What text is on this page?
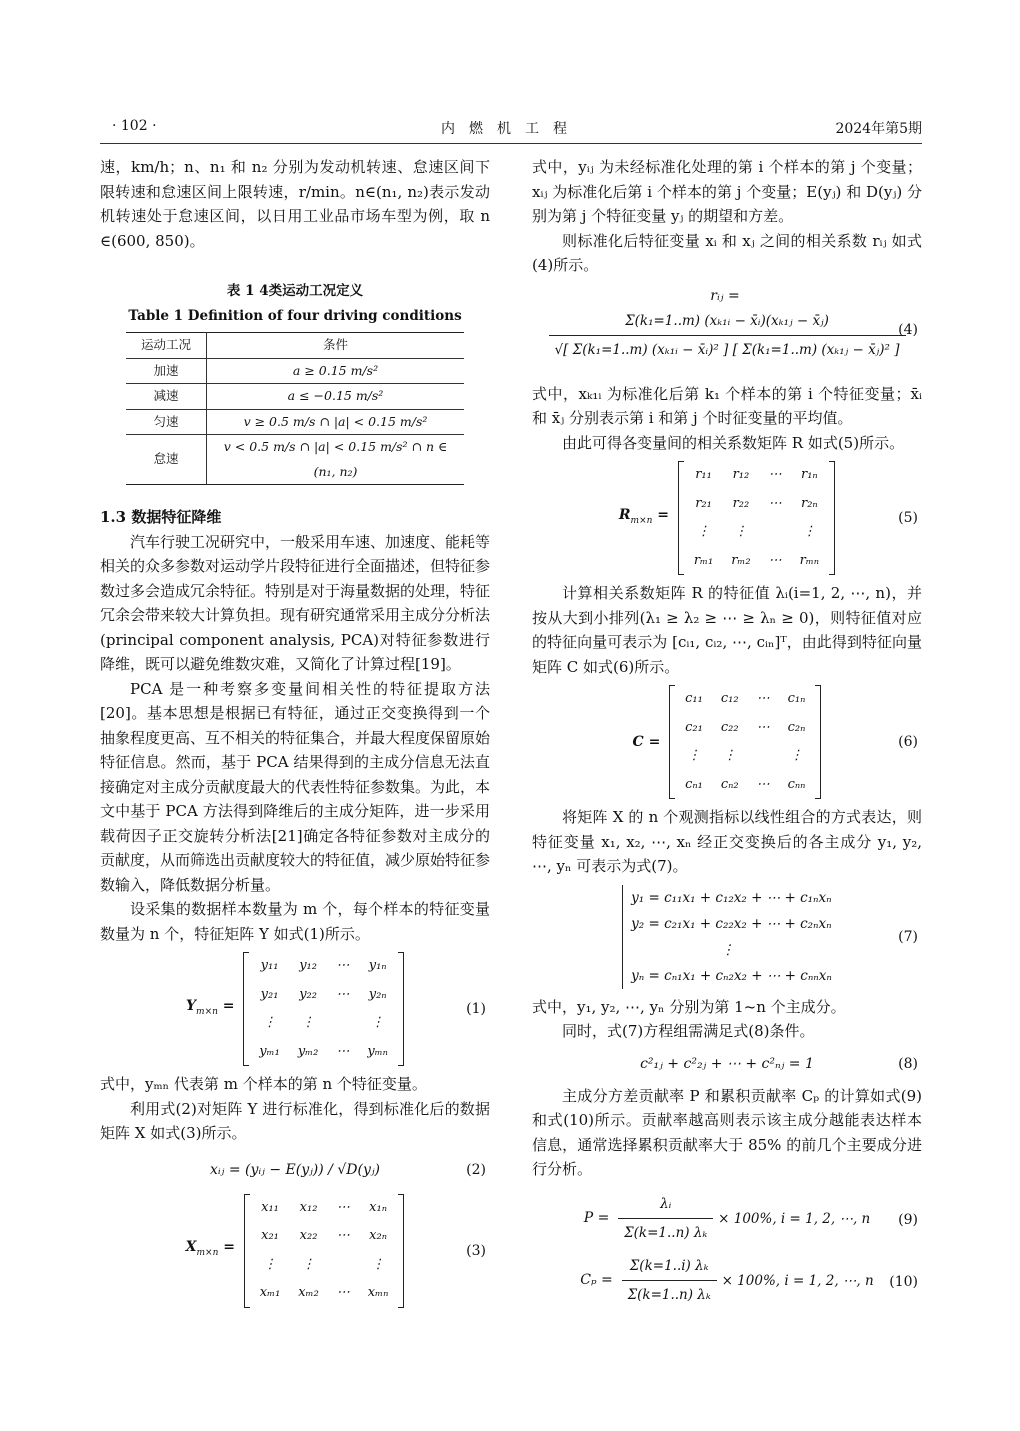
· 102 ·	内燃机工程	2024年第5期

速，km/h；n、n₁ 和 n₂ 分别为发动机转速、怠速区间下限转速和怠速区间上限转速，r/min。n∈(n₁, n₂)表示发动机转速处于怠速区间，以日用工业品市场车型为例，取 n ∈(600, 850)。

表 1 4类运动工况定义

Table 1 Definition of four driving conditions

运动工况	条件
加速	a ≥ 0.15 m/s²
减速	a ≤ −0.15 m/s²
匀速	v ≥ 0.5 m/s ∩ |a| < 0.15 m/s²
怠速	v < 0.5 m/s ∩ |a| < 0.15 m/s² ∩ n ∈ (n₁, n₂)

1.3 数据特征降维

汽车行驶工况研究中，一般采用车速、加速度、能耗等相关的众多参数对运动学片段特征进行全面描述，但特征参数过多会造成冗余特征。特别是对于海量数据的处理，特征冗余会带来较大计算负担。现有研究通常采用主成分分析法(principal component analysis, PCA)对特征参数进行降维，既可以避免维数灾难，又简化了计算过程[19]。

PCA 是一种考察多变量间相关性的特征提取方法[20]。基本思想是根据已有特征，通过正交变换得到一个抽象程度更高、互不相关的特征集合，并最大程度保留原始特征信息。然而，基于 PCA 结果得到的主成分信息无法直接确定对主成分贡献度最大的代表性特征参数集。为此，本文中基于 PCA 方法得到降维后的主成分矩阵，进一步采用载荷因子正交旋转分析法[21]确定各特征参数对主成分的贡献度，从而筛选出贡献度较大的特征值，减少原始特征参数输入，降低数据分析量。

设采集的数据样本数量为 m 个，每个样本的特征变量数量为 n 个，特征矩阵 Y 如式(1)所示。

$Y_{m\times n}$ =
y₁₁	y₁₂	⋯	y₁ₙ
y₂₁	y₂₂	⋯	y₂ₙ
⋮	⋮		⋮
yₘ₁	yₘ₂	⋯	yₘₙ
(1)

式中，yₘₙ 代表第 m 个样本的第 n 个特征变量。

利用式(2)对矩阵 Y 进行标准化，得到标准化后的数据矩阵 X 如式(3)所示。

xᵢⱼ = (yᵢⱼ − E(yⱼ)) / √D(yⱼ)	(2)
$X_{m\times n}$ =
x₁₁	x₁₂	⋯	x₁ₙ
x₂₁	x₂₂	⋯	x₂ₙ
⋮	⋮		⋮
xₘ₁	xₘ₂	⋯	xₘₙ
(3)

式中，yᵢⱼ 为未经标准化处理的第 i 个样本的第 j 个变量；xᵢⱼ 为标准化后第 i 个样本的第 j 个变量；E(yⱼ) 和 D(yⱼ) 分别为第 j 个特征变量 yⱼ 的期望和方差。

则标准化后特征变量 xᵢ 和 xⱼ 之间的相关系数 rᵢⱼ 如式(4)所示。

rᵢⱼ =
$\frac{\text{Σ(k₁=1..m) (xₖ₁ᵢ − x̄ᵢ)(xₖ₁ⱼ − x̄ⱼ)}}{\text{√[ Σ(k₁=1..m) (xₖ₁ᵢ − x̄ᵢ)² ] [ Σ(k₁=1..m) (xₖ₁ⱼ − x̄ⱼ)² ]}}$
(4)

式中，xₖ₁ᵢ 为标准化后第 k₁ 个样本的第 i 个特征变量；x̄ᵢ 和 x̄ⱼ 分别表示第 i 和第 j 个时征变量的平均值。

由此可得各变量间的相关系数矩阵 R 如式(5)所示。

$R_{m\times n}$ =
r₁₁	r₁₂	⋯	r₁ₙ
r₂₁	r₂₂	⋯	r₂ₙ
⋮	⋮		⋮
rₘ₁	rₘ₂	⋯	rₘₙ
(5)

计算相关系数矩阵 R 的特征值 λᵢ(i=1, 2, ⋯, n)，并按从大到小排列(λ₁ ≥ λ₂ ≥ ⋯ ≥ λₙ ≥ 0)，则特征值对应的特征向量可表示为 [cᵢ₁, cᵢ₂, ⋯, cᵢₙ]ᵀ，由此得到特征向量矩阵 C 如式(6)所示。

C =
c₁₁	c₁₂	⋯	c₁ₙ
c₂₁	c₂₂	⋯	c₂ₙ
⋮	⋮		⋮
cₙ₁	cₙ₂	⋯	cₙₙ
(6)

将矩阵 X 的 n 个观测指标以线性组合的方式表达，则特征变量 x₁, x₂, ⋯, xₙ 经正交变换后的各主成分 y₁, y₂, ⋯, yₙ 可表示为式(7)。

y₁ = c₁₁x₁ + c₁₂x₂ + ⋯ + c₁ₙxₙ
y₂ = c₂₁x₁ + c₂₂x₂ + ⋯ + c₂ₙxₙ
⋮
yₙ = cₙ₁x₁ + cₙ₂x₂ + ⋯ + cₙₙxₙ
(7)

式中，y₁, y₂, ⋯, yₙ 分别为第 1~n 个主成分。

同时，式(7)方程组需满足式(8)条件。

c²₁ⱼ + c²₂ⱼ + ⋯ + c²ₙⱼ = 1	(8)

主成分方差贡献率 P 和累积贡献率 Cₚ 的计算如式(9)和式(10)所示。贡献率越高则表示该主成分越能表达样本信息，通常选择累积贡献率大于 85% 的前几个主要成分进行分析。

$P = \frac{\text{λᵢ}}{\text{Σ(k=1..n) λₖ}} \times 100\%$, i = 1, 2, ⋯, n (9)
$C_p = \frac{\text{Σ(k=1..i) λₖ}}{\text{Σ(k=1..n) λₖ}} \times 100\%$, i = 1, 2, ⋯, n (10)
